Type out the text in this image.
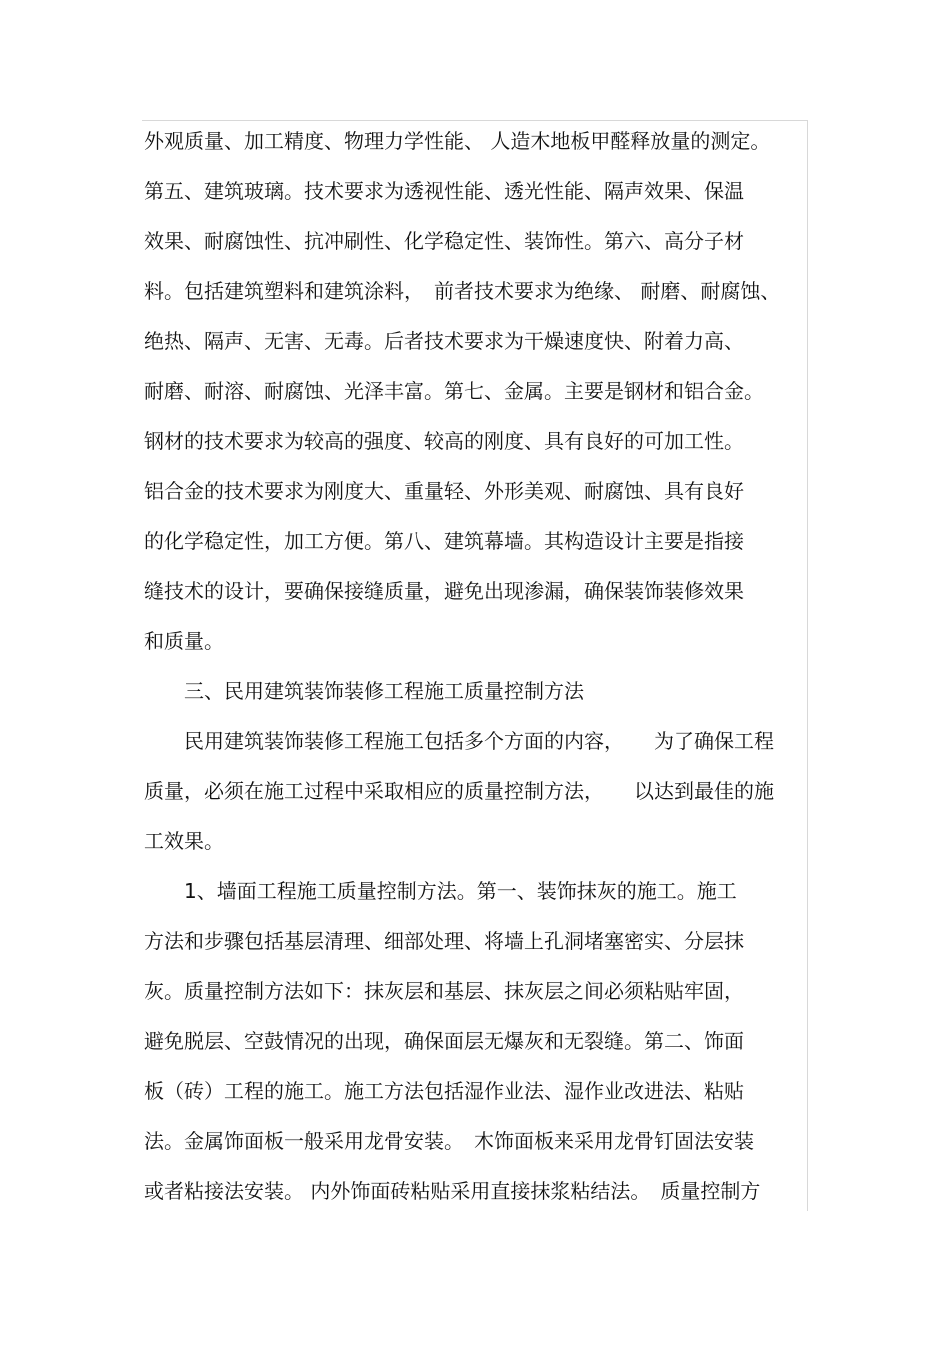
外观质量、加工精度、物理力学性能、 人造木地板甲醛释放量的测定。
第五、建筑玻璃。技术要求为透视性能、透光性能、隔声效果、保温
效果、耐腐蚀性、抗冲刷性、化学稳定性、装饰性。第六、高分子材
料。包括建筑塑料和建筑涂料，　前者技术要求为绝缘、 耐磨、耐腐蚀、
绝热、隔声、无害、无毒。后者技术要求为干燥速度快、附着力高、
耐磨、耐溶、耐腐蚀、光泽丰富。第七、金属。主要是钢材和铝合金。
钢材的技术要求为较高的强度、较高的刚度、具有良好的可加工性。
铝合金的技术要求为刚度大、重量轻、外形美观、耐腐蚀、具有良好
的化学稳定性，加工方便。第八、建筑幕墙。其构造设计主要是指接
缝技术的设计，要确保接缝质量，避免出现渗漏，确保装饰装修效果
和质量。
　　三、民用建筑装饰装修工程施工质量控制方法
　　民用建筑装饰装修工程施工包括多个方面的内容，　　为了确保工程
质量，必须在施工过程中采取相应的质量控制方法，　　以达到最佳的施
工效果。
　　1、墙面工程施工质量控制方法。第一、装饰抹灰的施工。施工
方法和步骤包括基层清理、细部处理、将墙上孔洞堵塞密实、分层抹
灰。质量控制方法如下：抹灰层和基层、抹灰层之间必须粘贴牢固，
避免脱层、空鼓情况的出现，确保面层无爆灰和无裂缝。第二、饰面
板（砖）工程的施工。施工方法包括湿作业法、湿作业改进法、粘贴
法。金属饰面板一般采用龙骨安装。　木饰面板来采用龙骨钉固法安装
或者粘接法安装。 内外饰面砖粘贴采用直接抹浆粘结法。　质量控制方
